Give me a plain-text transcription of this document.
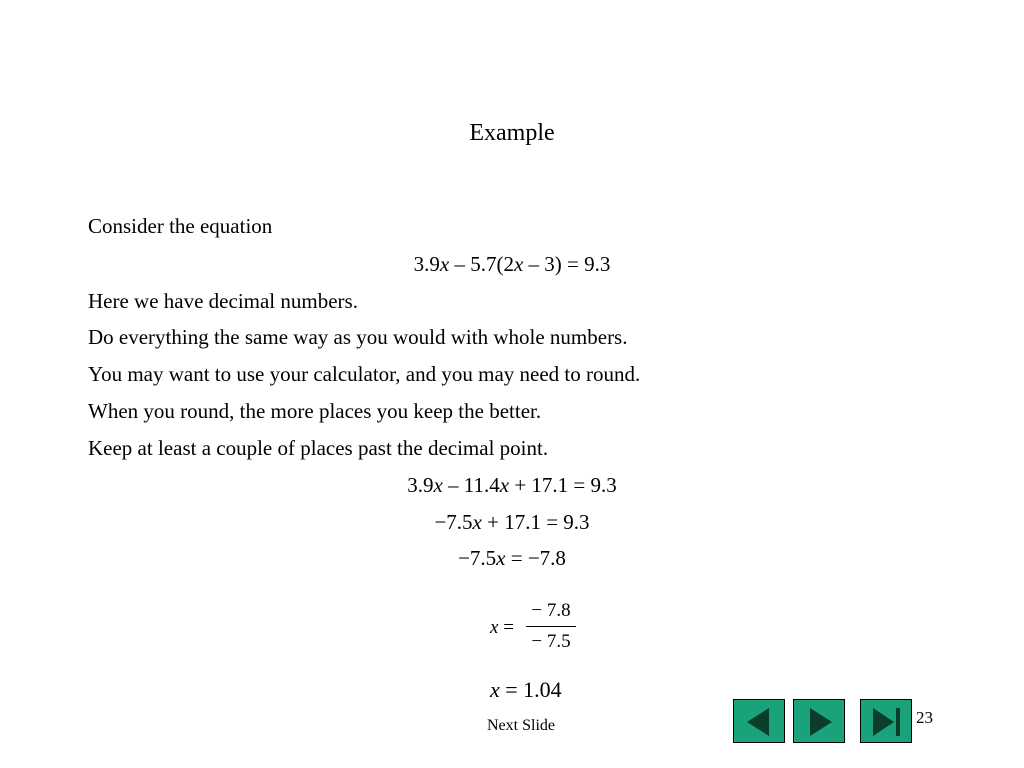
Example
Consider the equation
3.9x – 5.7(2x – 3) = 9.3
Here we have decimal numbers.
Do everything the same way as you would with whole numbers.
You may want to use your calculator, and you may need to round.
When you round, the more places you keep the better.
Keep at least a couple of places past the decimal point.
3.9x – 11.4x + 17.1 = 9.3
−7.5x + 17.1 = 9.3
−7.5x = −7.8
x =
− 7.8
− 7.5
x = 1.04
Next Slide	23
